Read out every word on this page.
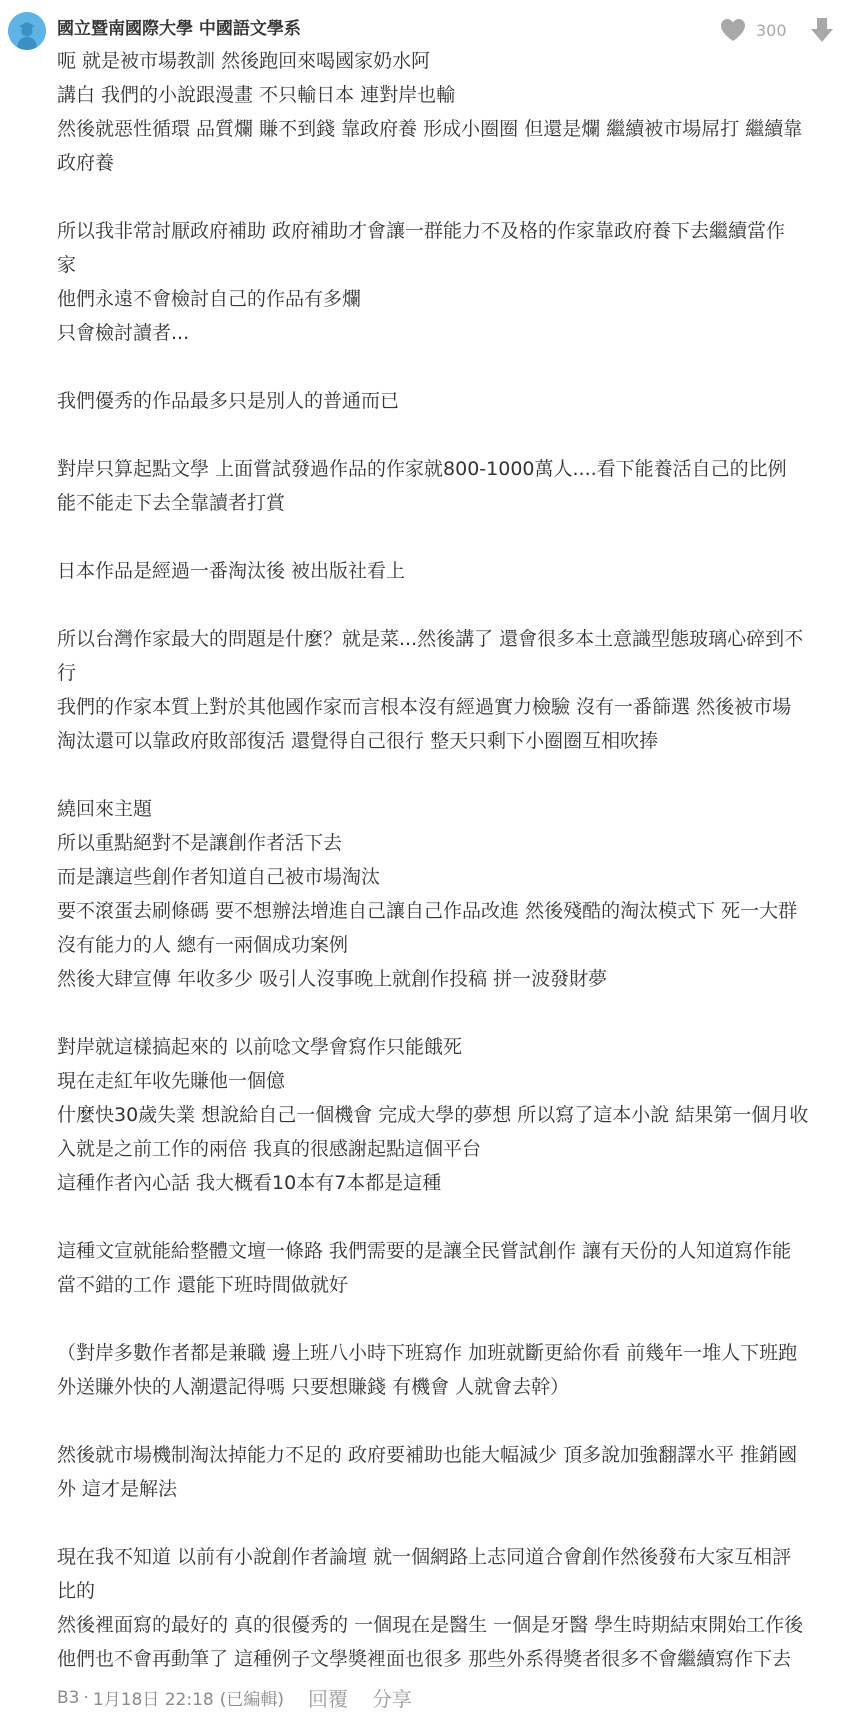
國立暨南國際大學 中國語文學系	300

呃 就是被市場教訓 然後跑回來喝國家奶水阿

講白 我們的小說跟漫畫 不只輸日本 連對岸也輸

然後就惡性循環 品質爛 賺不到錢 靠政府養 形成小圈圈 但還是爛 繼續被市場屌打 繼續靠

政府養

所以我非常討厭政府補助 政府補助才會讓一群能力不及格的作家靠政府養下去繼續當作

家

他們永遠不會檢討自己的作品有多爛

只會檢討讀者...

我們優秀的作品最多只是別人的普通而已

對岸只算起點文學 上面嘗試發過作品的作家就800-1000萬人....看下能養活自己的比例

能不能走下去全靠讀者打賞

日本作品是經過一番淘汰後 被出版社看上

所以台灣作家最大的問題是什麼？就是菜...然後講了 還會很多本土意識型態玻璃心碎到不

行

我們的作家本質上對於其他國作家而言根本沒有經過實力檢驗 沒有一番篩選 然後被市場

淘汰還可以靠政府敗部復活 還覺得自己很行 整天只剩下小圈圈互相吹捧

繞回來主題

所以重點絕對不是讓創作者活下去

而是讓這些創作者知道自己被市場淘汰

要不滾蛋去刷條碼 要不想辦法增進自己讓自己作品改進 然後殘酷的淘汰模式下 死一大群

沒有能力的人 總有一兩個成功案例

然後大肆宣傳 年收多少 吸引人沒事晚上就創作投稿 拼一波發財夢

對岸就這樣搞起來的 以前唸文學會寫作只能餓死

現在走紅年收先賺他一個億

什麼快30歲失業 想說給自己一個機會 完成大學的夢想 所以寫了這本小說 結果第一個月收

入就是之前工作的兩倍 我真的很感謝起點這個平台

這種作者內心話 我大概看10本有7本都是這種

這種文宣就能給整體文壇一條路 我們需要的是讓全民嘗試創作 讓有天份的人知道寫作能

當不錯的工作 還能下班時間做就好

（對岸多數作者都是兼職 邊上班八小時下班寫作 加班就斷更給你看 前幾年一堆人下班跑

外送賺外快的人潮還記得嗎 只要想賺錢 有機會 人就會去幹）

然後就市場機制淘汰掉能力不足的 政府要補助也能大幅減少 頂多說加強翻譯水平 推銷國

外 這才是解法

現在我不知道 以前有小說創作者論壇 就一個網路上志同道合會創作然後發布大家互相評

比的

然後裡面寫的最好的 真的很優秀的 一個現在是醫生 一個是牙醫 學生時期結束開始工作後

他們也不會再動筆了 這種例子文學獎裡面也很多 那些外系得獎者很多不會繼續寫作下去

B3 · 1月18日 22:18 (已編輯) 回覆 分享
